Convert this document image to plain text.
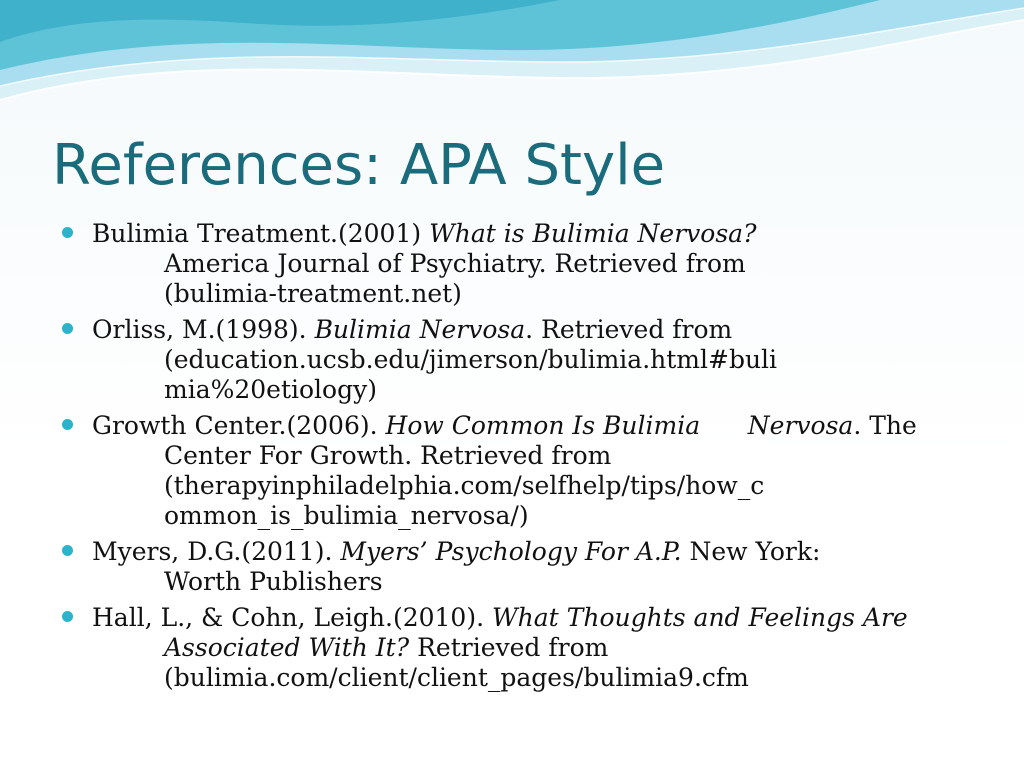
References: APA Style
Bulimia Treatment.(2001) What is Bulimia Nervosa?
America Journal of Psychiatry. Retrieved from
(bulimia-treatment.net)
Orliss, M.(1998). Bulimia Nervosa. Retrieved from
(education.ucsb.edu/jimerson/bulimia.html#buli
mia%20etiology)
Growth Center.(2006). How Common Is Bulimia      Nervosa. The
Center For Growth. Retrieved from
(therapyinphiladelphia.com/selfhelp/tips/how_c
ommon_is_bulimia_nervosa/)
Myers, D.G.(2011). Myers’ Psychology For A.P. New York:
Worth Publishers
Hall, L., & Cohn, Leigh.(2010). What Thoughts and Feelings Are
Associated With It? Retrieved from
(bulimia.com/client/client_pages/bulimia9.cfm
